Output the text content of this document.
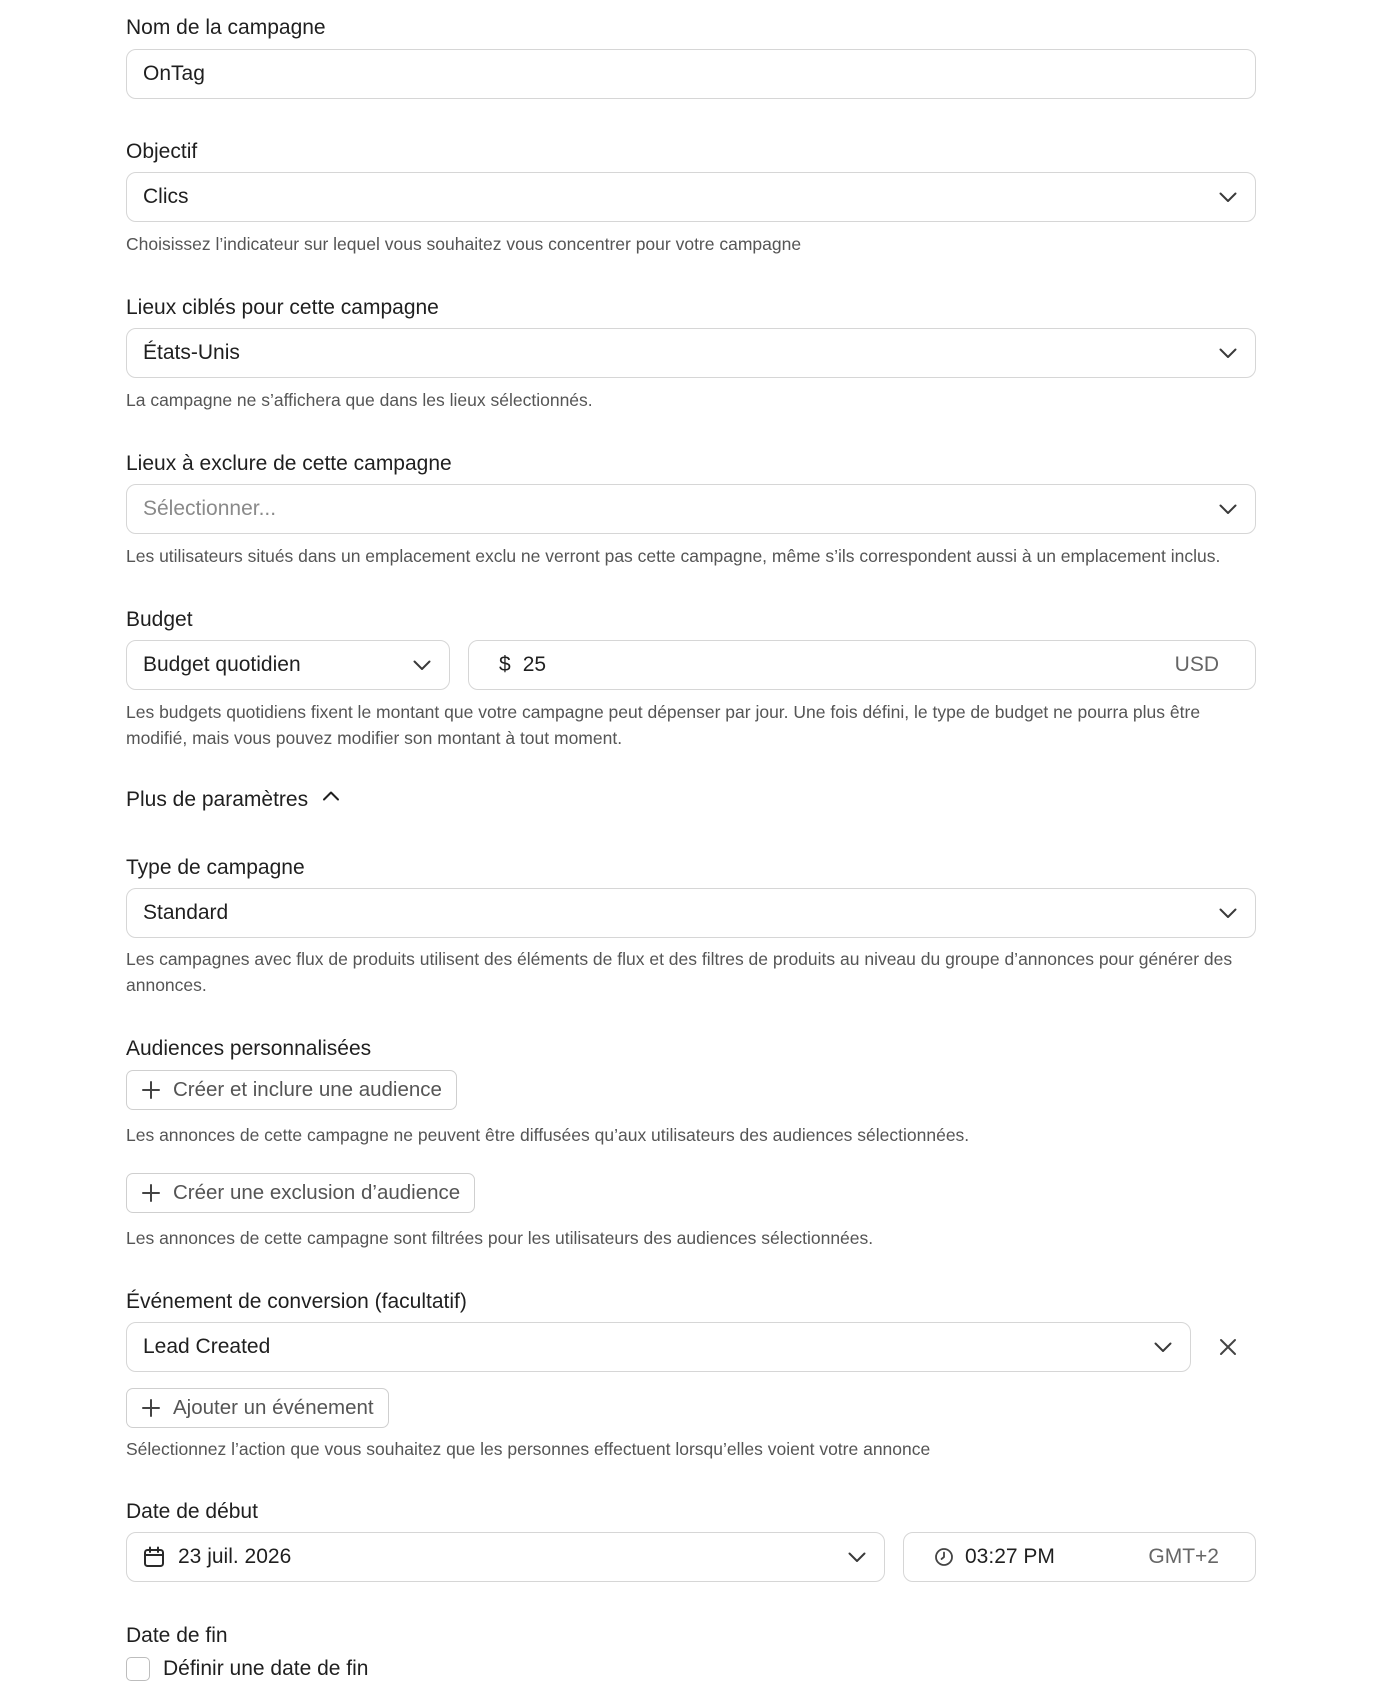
Nom de la campagne
OnTag
Objectif
Clics
Choisissez l’indicateur sur lequel vous souhaitez vous concentrer pour votre campagne
Lieux ciblés pour cette campagne
États-Unis
La campagne ne s’affichera que dans les lieux sélectionnés.
Lieux à exclure de cette campagne
Sélectionner...
Les utilisateurs situés dans un emplacement exclu ne verront pas cette campagne, même s’ils correspondent aussi à un emplacement inclus.
Budget
Budget quotidien	$ 25	USD
Les budgets quotidiens fixent le montant que votre campagne peut dépenser par jour. Une fois défini, le type de budget ne pourra plus être modifié, mais vous pouvez modifier son montant à tout moment.
Plus de paramètres
Type de campagne
Standard
Les campagnes avec flux de produits utilisent des éléments de flux et des filtres de produits au niveau du groupe d’annonces pour générer des annonces.
Audiences personnalisées
Créer et inclure une audience
Les annonces de cette campagne ne peuvent être diffusées qu’aux utilisateurs des audiences sélectionnées.
Créer une exclusion d’audience
Les annonces de cette campagne sont filtrées pour les utilisateurs des audiences sélectionnées.
Événement de conversion (facultatif)
Lead Created
Ajouter un événement
Sélectionnez l’action que vous souhaitez que les personnes effectuent lorsqu’elles voient votre annonce
Date de début
23 juil. 2026	03:27 PM	GMT+2
Date de fin
Définir une date de fin
